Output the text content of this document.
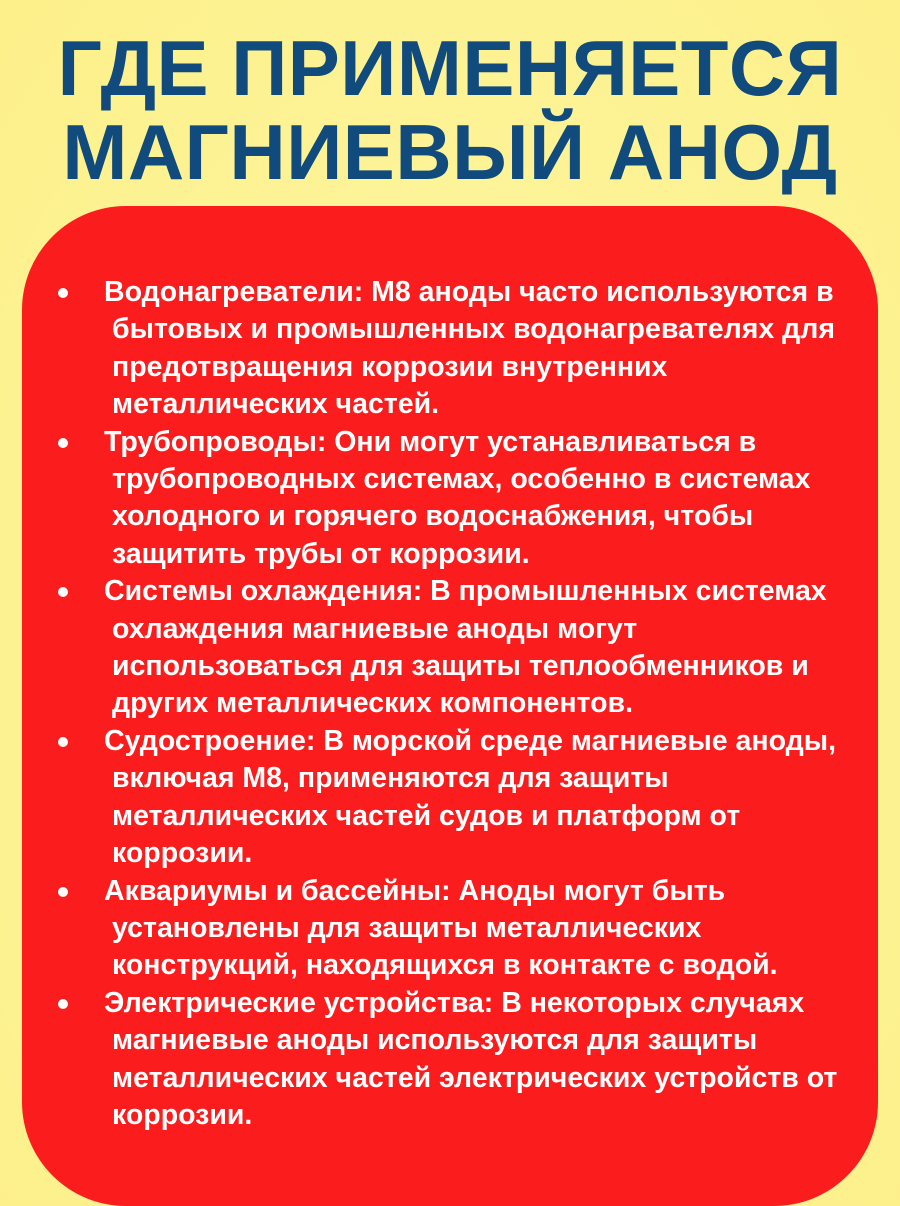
ГДЕ ПРИМЕНЯЕТСЯ
МАГНИЕВЫЙ АНОД
Водонагреватели: М8 аноды часто используются в бытовых и промышленных водонагревателях для предотвращения коррозии внутренних металлических частей.
Трубопроводы: Они могут устанавливаться в трубопроводных системах, особенно в системах холодного и горячего водоснабжения, чтобы защитить трубы от коррозии.
Системы охлаждения: В промышленных системах охлаждения магниевые аноды могут использоваться для защиты теплообменников и других металлических компонентов.
Судостроение: В морской среде магниевые аноды, включая М8, применяются для защиты металлических частей судов и платформ от коррозии.
Аквариумы и бассейны: Аноды могут быть установлены для защиты металлических конструкций, находящихся в контакте с водой.
Электрические устройства: В некоторых случаях магниевые аноды используются для защиты металлических частей электрических устройств от коррозии.
